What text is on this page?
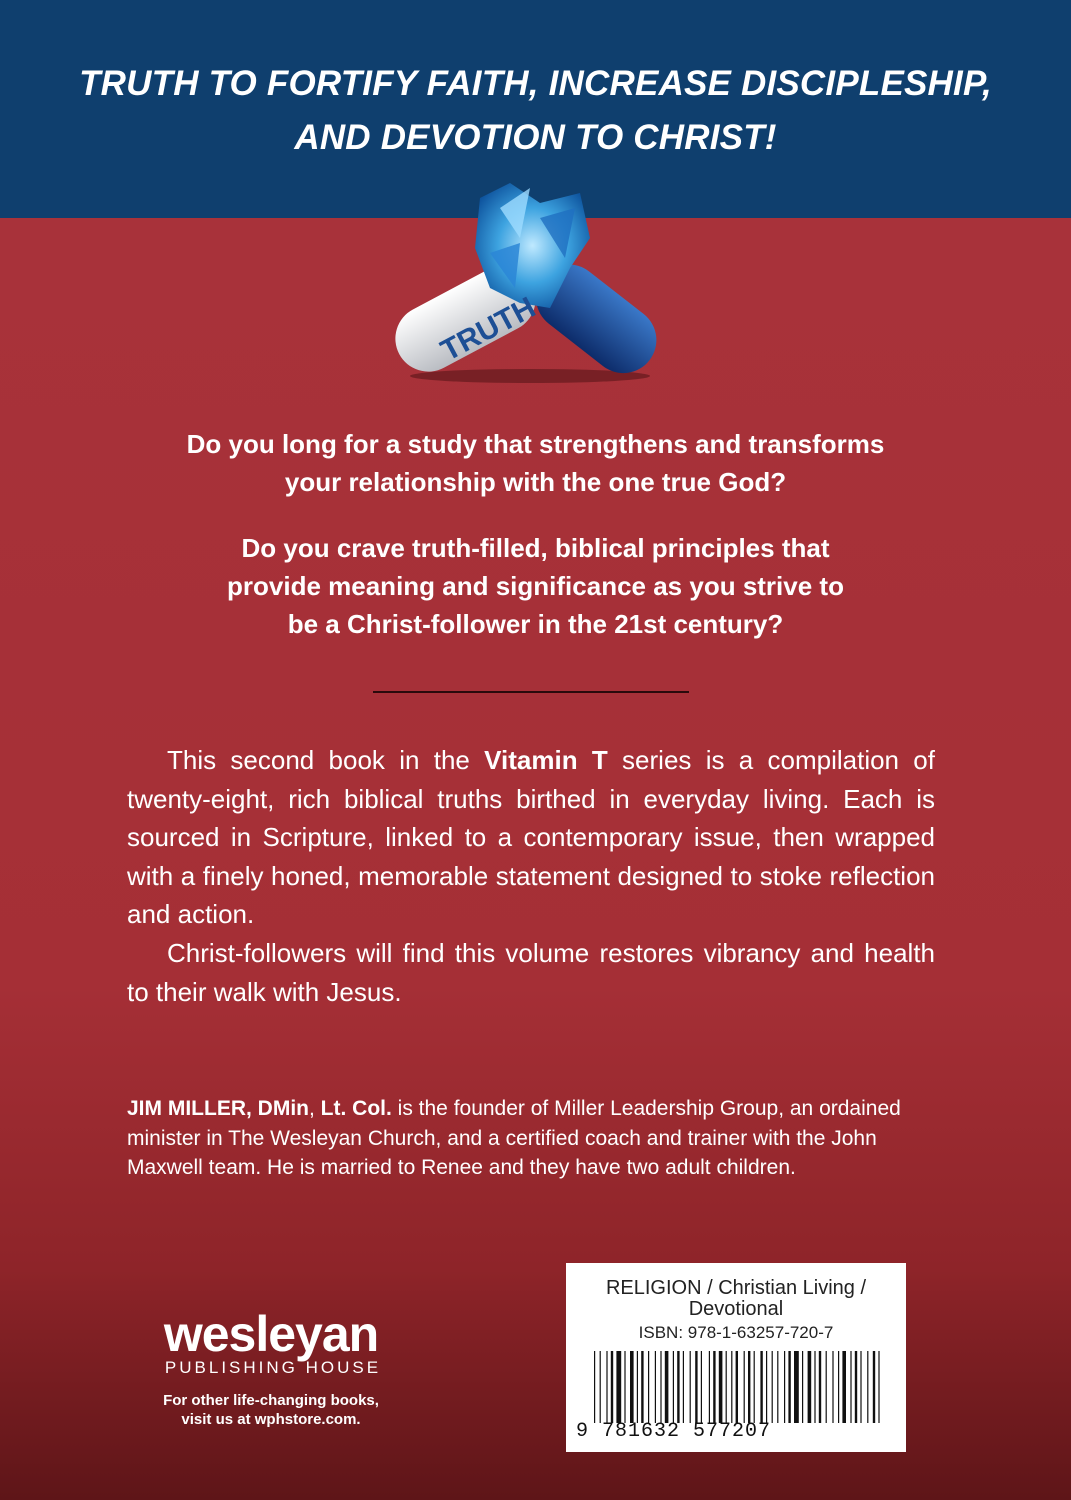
TRUTH TO FORTIFY FAITH, INCREASE DISCIPLESHIP,
AND DEVOTION TO CHRIST!
TRUTH
Do you long for a study that strengthens and transforms
your relationship with the one true God?
Do you crave truth-filled, biblical principles that
provide meaning and significance as you strive to
be a Christ-follower in the 21st century?
This second book in the Vitamin T series is a compilation of twenty-eight, rich biblical truths birthed in everyday living. Each is sourced in Scripture, linked to a contemporary issue, then wrapped with a finely honed, memorable statement designed to stoke reflection and action.
Christ-followers will find this volume restores vibrancy and health to their walk with Jesus.
JIM MILLER, DMin, Lt. Col. is the founder of Miller Leadership Group, an ordained minister in The Wesleyan Church, and a certified coach and trainer with the John Maxwell team. He is married to Renee and they have two adult children.
wesleyan
PUBLISHING HOUSE
For other life-changing books,
visit us at wphstore.com.
RELIGION / Christian Living /
Devotional
ISBN: 978-1-63257-720-7
9 781632 577207
